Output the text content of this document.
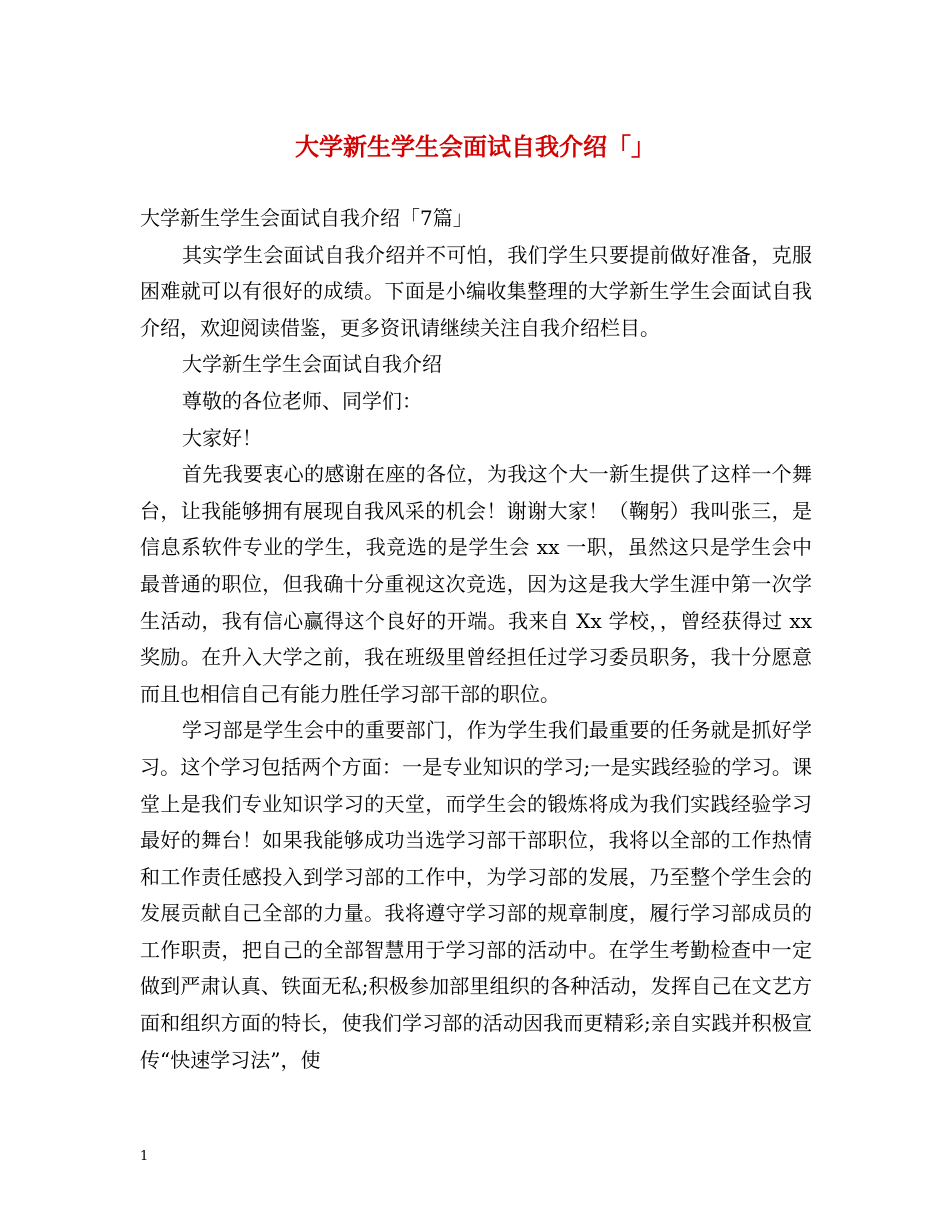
大学新生学生会面试自我介绍「」

大学新生学生会面试自我介绍「7篇」

其实学生会面试自我介绍并不可怕，我们学生只要提前做好准备，克服困难就可以有很好的成绩。下面是小编收集整理的大学新生学生会面试自我介绍，欢迎阅读借鉴，更多资讯请继续关注自我介绍栏目。

大学新生学生会面试自我介绍

尊敬的各位老师、同学们：

大家好！

首先我要衷心的感谢在座的各位，为我这个大一新生提供了这样一个舞台，让我能够拥有展现自我风采的机会！谢谢大家！（鞠躬）我叫张三，是信息系软件专业的学生，我竞选的是学生会 xx 一职，虽然这只是学生会中最普通的职位，但我确十分重视这次竞选，因为这是我大学生涯中第一次学生活动，我有信心赢得这个良好的开端。我来自 Xx 学校，，曾经获得过 xx 奖励。在升入大学之前，我在班级里曾经担任过学习委员职务，我十分愿意而且也相信自己有能力胜任学习部干部的职位。

学习部是学生会中的重要部门，作为学生我们最重要的任务就是抓好学习。这个学习包括两个方面：一是专业知识的学习;一是实践经验的学习。课堂上是我们专业知识学习的天堂，而学生会的锻炼将成为我们实践经验学习最好的舞台！如果我能够成功当选学习部干部职位，我将以全部的工作热情和工作责任感投入到学习部的工作中，为学习部的发展，乃至整个学生会的发展贡献自己全部的力量。我将遵守学习部的规章制度，履行学习部成员的工作职责，把自己的全部智慧用于学习部的活动中。在学生考勤检查中一定做到严肃认真、铁面无私;积极参加部里组织的各种活动，发挥自己在文艺方面和组织方面的特长，使我们学习部的活动因我而更精彩;亲自实践并积极宣传“快速学习法”，使

1
